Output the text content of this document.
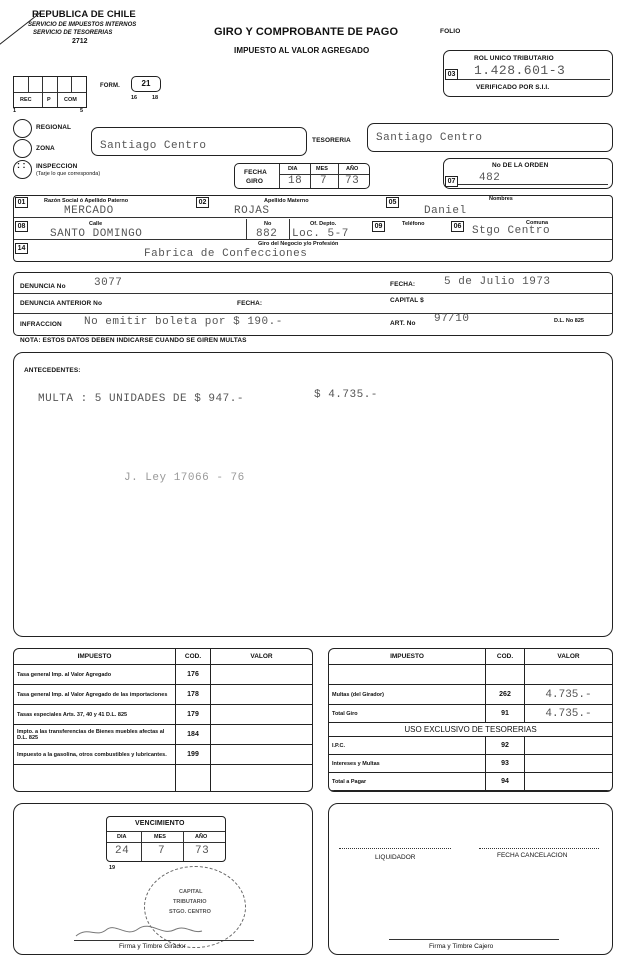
REPUBLICA DE CHILE
SERVICIO DE IMPUESTOS INTERNOS
SERVICIO DE TESORERIAS
2712
GIRO Y COMPROBANTE DE PAGO
IMPUESTO AL VALOR AGREGADO
FOLIO
ROL UNICO TRIBUTARIO
03 1.428.601-3
VERIFICADO POR S.I.I.
REC	P COM
1	5
FORM.	21
16	18
REGIONAL
ZONA
: : INSPECCION
(Tarje lo que corresponda)
Santiago Centro	TESORERIA Santiago Centro
FECHA
GIRO
DIA	MES	AÑO
18 7 73
No DE LA ORDEN
07 482
01	Razón Social ó Apellido Paterno
MERCADO
02	Apellido Materno
ROJAS
05	Nombres
Daniel
08	Calle
SANTO DOMINGO
No
882
Of. Depto.
Loc. 5-7
09	Teléfono	06	Comuna
Stgo Centro
14
Giro del Negocio y/o Profesión
Fabrica de Confecciones
DENUNCIA No	3077	FECHA:	5 de Julio 1973
DENUNCIA ANTERIOR No	FECHA:	CAPITAL $
INFRACCION No emitir boleta por $ 190.-	ART. No 97/10	D.L. No 825
NOTA: ESTOS DATOS DEBEN INDICARSE CUANDO SE GIREN MULTAS
ANTECEDENTES:
MULTA : 5 UNIDADES DE $ 947.-	$ 4.735.-
J. Ley 17066 - 76
IMPUESTO	COD.	VALOR
Tasa general Imp. al Valor Agregado	176	
Tasa general Imp. al Valor Agregado de las importaciones	178	
Tasas especiales Arts. 37, 40 y 41 D.L. 825	179	
Impto. a las transferencias de Bienes muebles afectas al D.L. 825	184	
Impuesto a la gasolina, otros combustibles y lubricantes.	199	

IMPUESTO	COD.	VALOR

Multas (del Girador)	262	4.735.-
Total Giro	91	4.735.-
USO EXCLUSIVO DE TESORERIAS		
I.P.C.	92	
Intereses y Multas	93	
Total a Pagar	94	
VENCIMIENTO
DIA	MES	AÑO
24	7	73
19
CAPITAL
TRIBUTARIO
STGO. CENTRO
Firma y Timbre Girador
LIQUIDADOR	FECHA CANCELACION
Firma y Timbre Cajero
